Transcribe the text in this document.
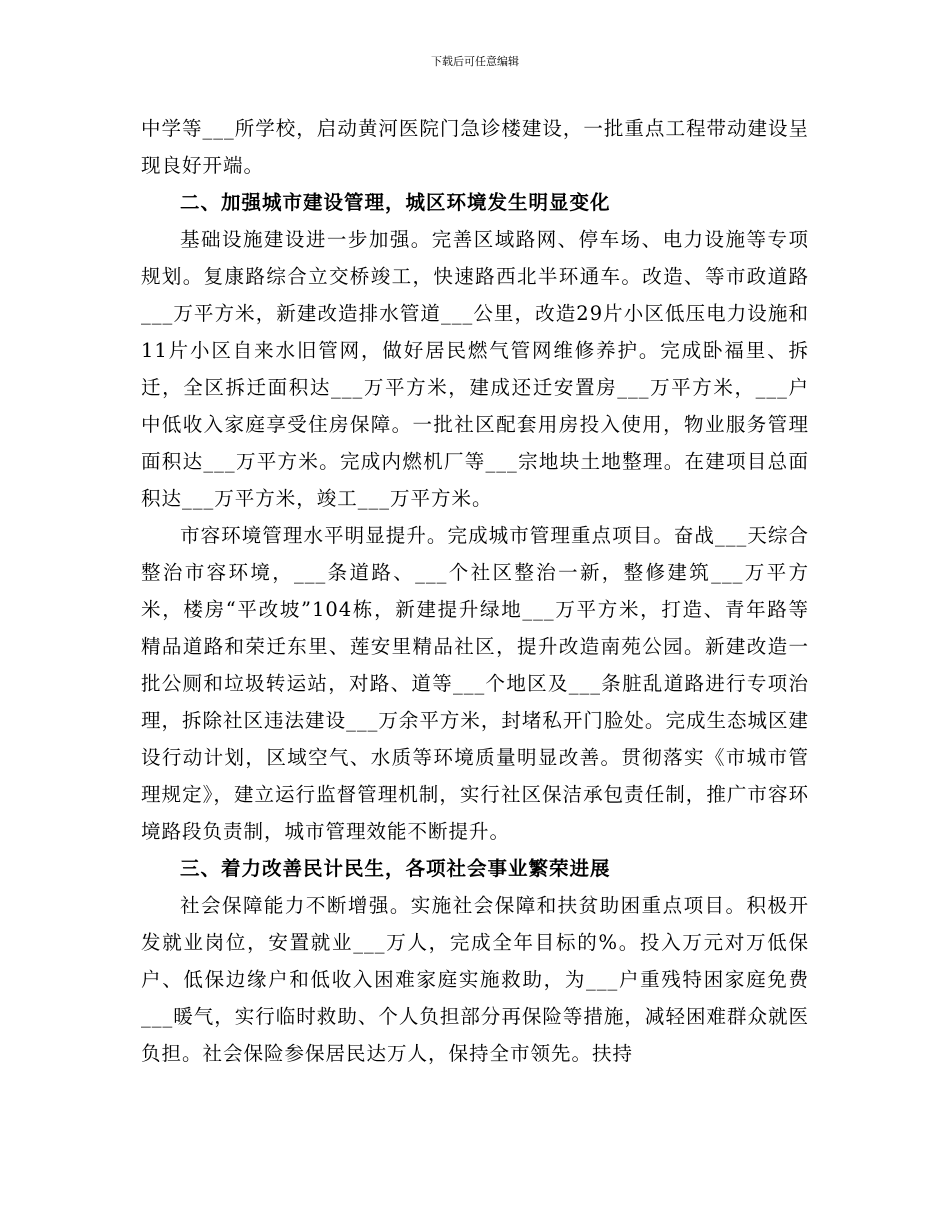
下载后可任意编辑

中学等___所学校，启动黄河医院门急诊楼建设，一批重点工程带动建设呈现良好开端。

二、加强城市建设管理，城区环境发生明显变化

基础设施建设进一步加强。完善区域路网、停车场、电力设施等专项规划。复康路综合立交桥竣工，快速路西北半环通车。改造、等市政道路___万平方米，新建改造排水管道___公里，改造29片小区低压电力设施和11片小区自来水旧管网，做好居民燃气管网维修养护。完成卧福里、拆迁，全区拆迁面积达___万平方米，建成还迁安置房___万平方米，___户中低收入家庭享受住房保障。一批社区配套用房投入使用，物业服务管理面积达___万平方米。完成内燃机厂等___宗地块土地整理。在建项目总面积达___万平方米，竣工___万平方米。

市容环境管理水平明显提升。完成城市管理重点项目。奋战___天综合整治市容环境，___条道路、___个社区整治一新，整修建筑___万平方米，楼房“平改坡”104栋，新建提升绿地___万平方米，打造、青年路等精品道路和荣迁东里、莲安里精品社区，提升改造南苑公园。新建改造一批公厕和垃圾转运站，对路、道等___个地区及___条脏乱道路进行专项治理，拆除社区违法建设___万余平方米，封堵私开门脸处。完成生态城区建设行动计划，区域空气、水质等环境质量明显改善。贯彻落实《市城市管理规定》，建立运行监督管理机制，实行社区保洁承包责任制，推广市容环境路段负责制，城市管理效能不断提升。

三、着力改善民计民生，各项社会事业繁荣进展

社会保障能力不断增强。实施社会保障和扶贫助困重点项目。积极开发就业岗位，安置就业___万人，完成全年目标的%。投入万元对万低保户、低保边缘户和低收入困难家庭实施救助，为___户重残特困家庭免费___暖气，实行临时救助、个人负担部分再保险等措施，减轻困难群众就医负担。社会保险参保居民达万人，保持全市领先。扶持
